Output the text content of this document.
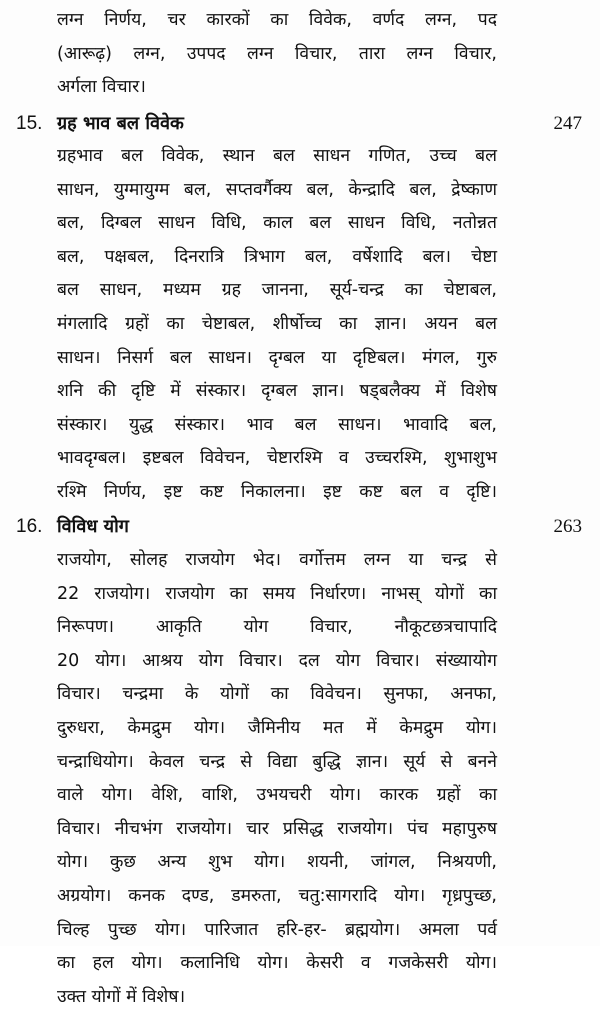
लग्न निर्णय, चर कारकों का विवेक, वर्णद लग्न, पद
(आरूढ़) लग्न, उपपद लग्न विचार, तारा लग्न विचार,
अर्गला विचार।
15. ग्रह भाव बल विवेक	247
ग्रहभाव बल विवेक, स्थान बल साधन गणित, उच्च बल
साधन, युग्मायुग्म बल, सप्तवर्गैक्य बल, केन्द्रादि बल, द्रेष्काण
बल, दिग्बल साधन विधि, काल बल साधन विधि, नतोन्नत
बल, पक्षबल, दिनरात्रि त्रिभाग बल, वर्षेशादि बल। चेष्टा
बल साधन, मध्यम ग्रह जानना, सूर्य-चन्द्र का चेष्टाबल,
मंगलादि ग्रहों का चेष्टाबल, शीर्षोच्च का ज्ञान। अयन बल
साधन। निसर्ग बल साधन। दृग्बल या दृष्टिबल। मंगल, गुरु
शनि की दृष्टि में संस्कार। दृग्बल ज्ञान। षड्बलैक्य में विशेष
संस्कार। युद्ध संस्कार। भाव बल साधन। भावादि बल,
भावदृग्बल। इष्टबल विवेचन, चेष्टारश्मि व उच्चरश्मि, शुभाशुभ
रश्मि निर्णय, इष्ट कष्ट निकालना। इष्ट कष्ट बल व दृष्टि।
16. विविध योग	263
राजयोग, सोलह राजयोग भेद। वर्गोत्तम लग्न या चन्द्र से
22 राजयोग। राजयोग का समय निर्धारण। नाभस् योगों का
निरूपण। आकृति योग विचार, नौकूटछत्रचापादि
20 योग। आश्रय योग विचार। दल योग विचार। संख्यायोग
विचार। चन्द्रमा के योगों का विवेचन। सुनफा, अनफा,
दुरुधरा, केमद्रुम योग। जैमिनीय मत में केमद्रुम योग।
चन्द्राधियोग। केवल चन्द्र से विद्या बुद्धि ज्ञान। सूर्य से बनने
वाले योग। वेशि, वाशि, उभयचरी योग। कारक ग्रहों का
विचार। नीचभंग राजयोग। चार प्रसिद्ध राजयोग। पंच महापुरुष
योग। कुछ अन्य शुभ योग। शयनी, जांगल, निश्रयणी,
अग्रयोग। कनक दण्ड, डमरुता, चतु:सागरादि योग। गृध्रपुच्छ,
चिल्ह पुच्छ योग। पारिजात हरि-हर- ब्रह्मयोग। अमला पर्व
का हल योग। कलानिधि योग। केसरी व गजकेसरी योग।
उक्त योगों में विशेष।
